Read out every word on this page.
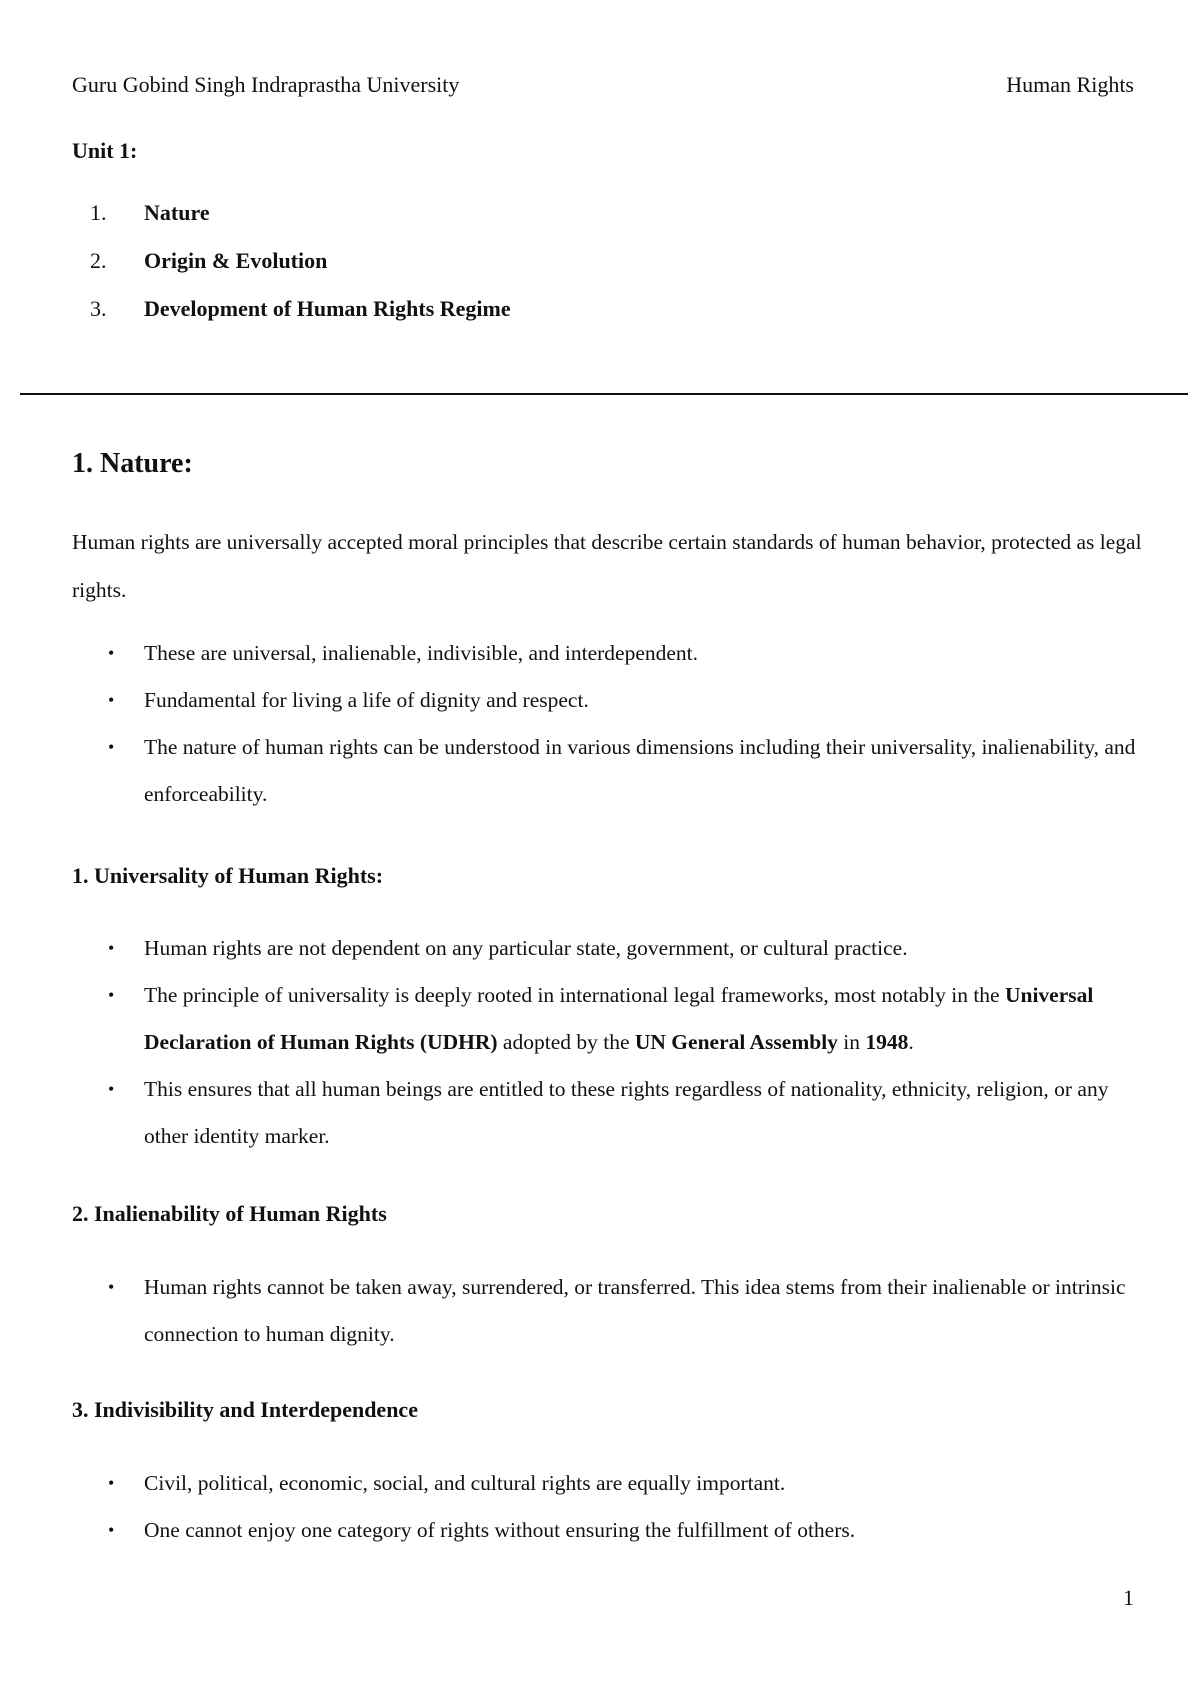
Guru Gobind Singh Indraprastha University	Human Rights
Unit 1:
1.	Nature
2.	Origin & Evolution
3.	Development of Human Rights Regime
1. Nature:
Human rights are universally accepted moral principles that describe certain standards of human behavior, protected as legal rights.
• These are universal, inalienable, indivisible, and interdependent.
• Fundamental for living a life of dignity and respect.
• The nature of human rights can be understood in various dimensions including their universality, inalienability, and enforceability.
1. Universality of Human Rights:
• Human rights are not dependent on any particular state, government, or cultural practice.
• The principle of universality is deeply rooted in international legal frameworks, most notably in the Universal Declaration of Human Rights (UDHR) adopted by the UN General Assembly in 1948.
• This ensures that all human beings are entitled to these rights regardless of nationality, ethnicity, religion, or any other identity marker.
2. Inalienability of Human Rights
• Human rights cannot be taken away, surrendered, or transferred. This idea stems from their inalienable or intrinsic connection to human dignity.
3. Indivisibility and Interdependence
• Civil, political, economic, social, and cultural rights are equally important.
• One cannot enjoy one category of rights without ensuring the fulfillment of others.
1
